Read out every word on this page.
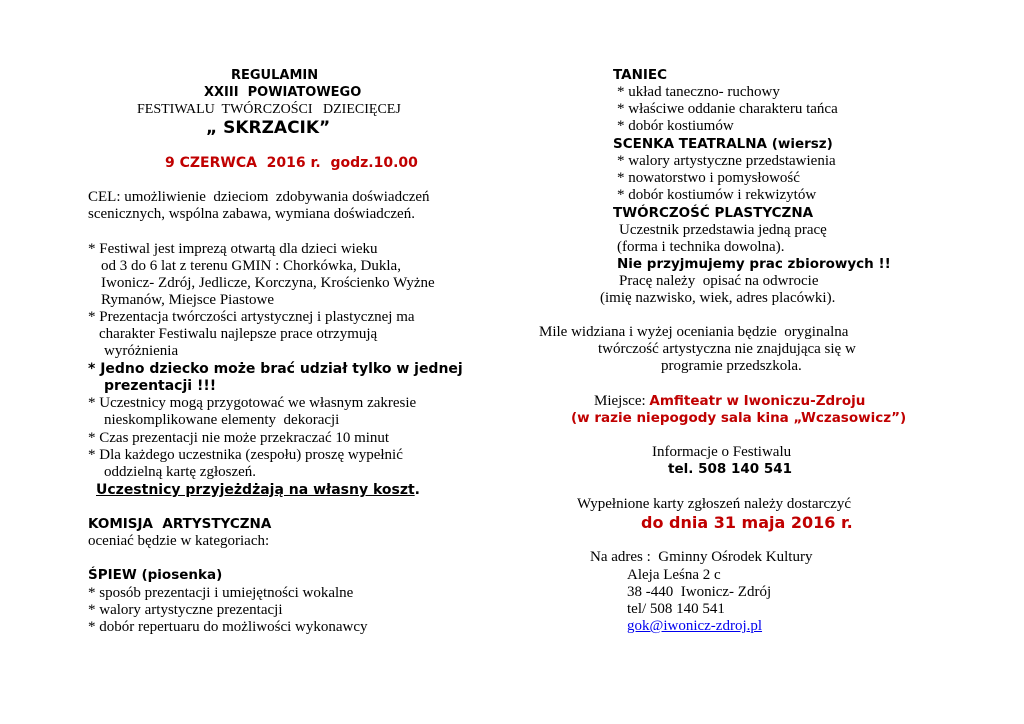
REGULAMIN
XXIII  POWIATOWEGO
FESTIWALU  TWÓRCZOŚCI   DZIECIĘCEJ
„ SKRZACIK”
9 CZERWCA  2016 r.  godz.10.00
CEL: umożliwienie  dzieciom  zdobywania doświadczeń
scenicznych, wspólna zabawa, wymiana doświadczeń.
* Festiwal jest imprezą otwartą dla dzieci wieku
od 3 do 6 lat z terenu GMIN : Chorkówka, Dukla,
Iwonicz- Zdrój, Jedlicze, Korczyna, Krościenko Wyżne
Rymanów, Miejsce Piastowe
* Prezentacja twórczości artystycznej i plastycznej ma
charakter Festiwalu najlepsze prace otrzymują
wyróżnienia
* Jedno dziecko może brać udział tylko w jednej
prezentacji !!!
* Uczestnicy mogą przygotować we własnym zakresie
nieskomplikowane elementy  dekoracji
* Czas prezentacji nie może przekraczać 10 minut
* Dla każdego uczestnika (zespołu) proszę wypełnić
oddzielną kartę zgłoszeń.
Uczestnicy przyjeżdżają na własny koszt.
KOMISJA  ARTYSTYCZNA
oceniać będzie w kategoriach:
ŚPIEW (piosenka)
* sposób prezentacji i umiejętności wokalne
* walory artystyczne prezentacji
* dobór repertuaru do możliwości wykonawcy
TANIEC
* układ taneczno- ruchowy
* właściwe oddanie charakteru tańca
* dobór kostiumów
SCENKA TEATRALNA (wiersz)
* walory artystyczne przedstawienia
* nowatorstwo i pomysłowość
* dobór kostiumów i rekwizytów
TWÓRCZOŚĆ PLASTYCZNA
Uczestnik przedstawia jedną pracę
(forma i technika dowolna).
Nie przyjmujemy prac zbiorowych !!
Pracę należy  opisać na odwrocie
(imię nazwisko, wiek, adres placówki).
Mile widziana i wyżej oceniania będzie  oryginalna
twórczość artystyczna nie znajdująca się w
programie przedszkola.
Miejsce: Amfiteatr w Iwoniczu-Zdroju
(w razie niepogody sala kina „Wczasowicz”)
Informacje o Festiwalu
tel. 508 140 541
Wypełnione karty zgłoszeń należy dostarczyć
do dnia 31 maja 2016 r.
Na adres :  Gminny Ośrodek Kultury
Aleja Leśna 2 c
38 -440  Iwonicz- Zdrój
tel/ 508 140 541
gok@iwonicz-zdroj.pl
